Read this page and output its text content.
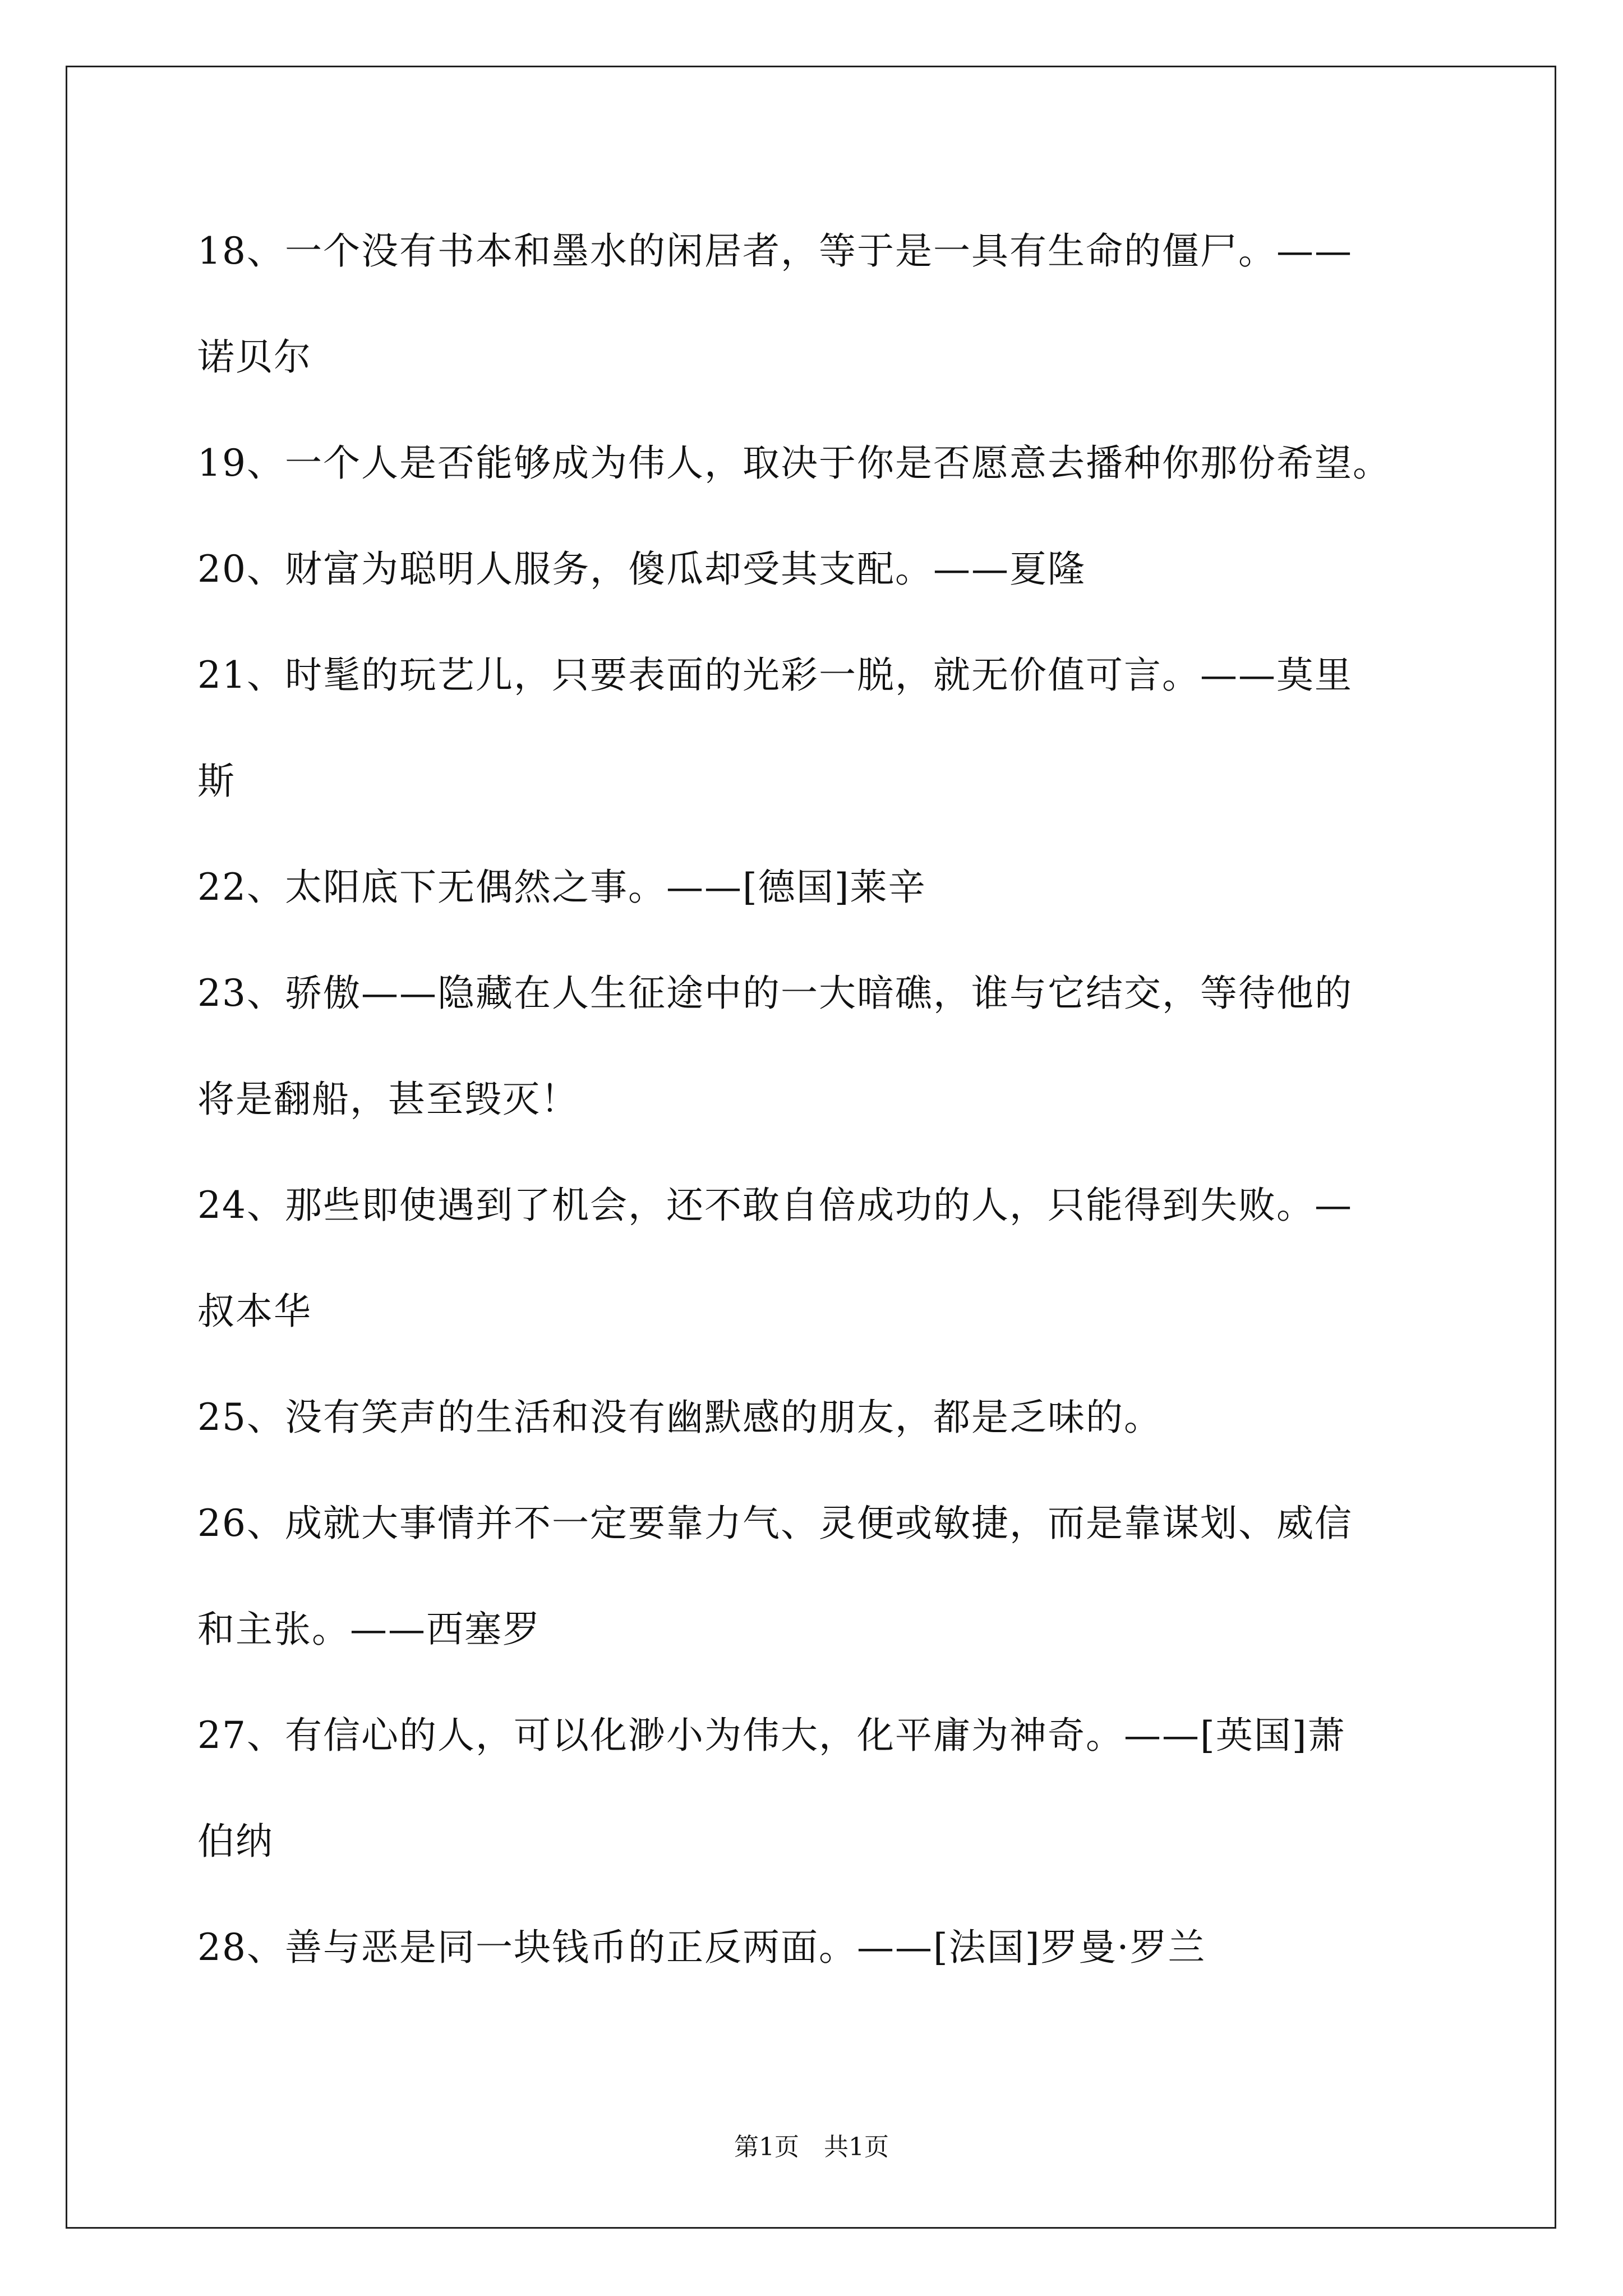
18、一个没有书本和墨水的闲居者，等于是一具有生命的僵尸。——
诺贝尔
19、一个人是否能够成为伟人，取决于你是否愿意去播种你那份希望。
20、财富为聪明人服务，傻瓜却受其支配。——夏隆
21、时髦的玩艺儿，只要表面的光彩一脱，就无价值可言。——莫里
斯
22、太阳底下无偶然之事。——[德国]莱辛
23、骄傲——隐藏在人生征途中的一大暗礁，谁与它结交，等待他的
将是翻船，甚至毁灭！
24、那些即使遇到了机会，还不敢自倍成功的人，只能得到失败。—
叔本华
25、没有笑声的生活和没有幽默感的朋友，都是乏味的。
26、成就大事情并不一定要靠力气、灵便或敏捷，而是靠谋划、威信
和主张。——西塞罗
27、有信心的人，可以化渺小为伟大，化平庸为神奇。——[英国]萧
伯纳
28、善与恶是同一块钱币的正反两面。——[法国]罗曼·罗兰
第1页　共1页
